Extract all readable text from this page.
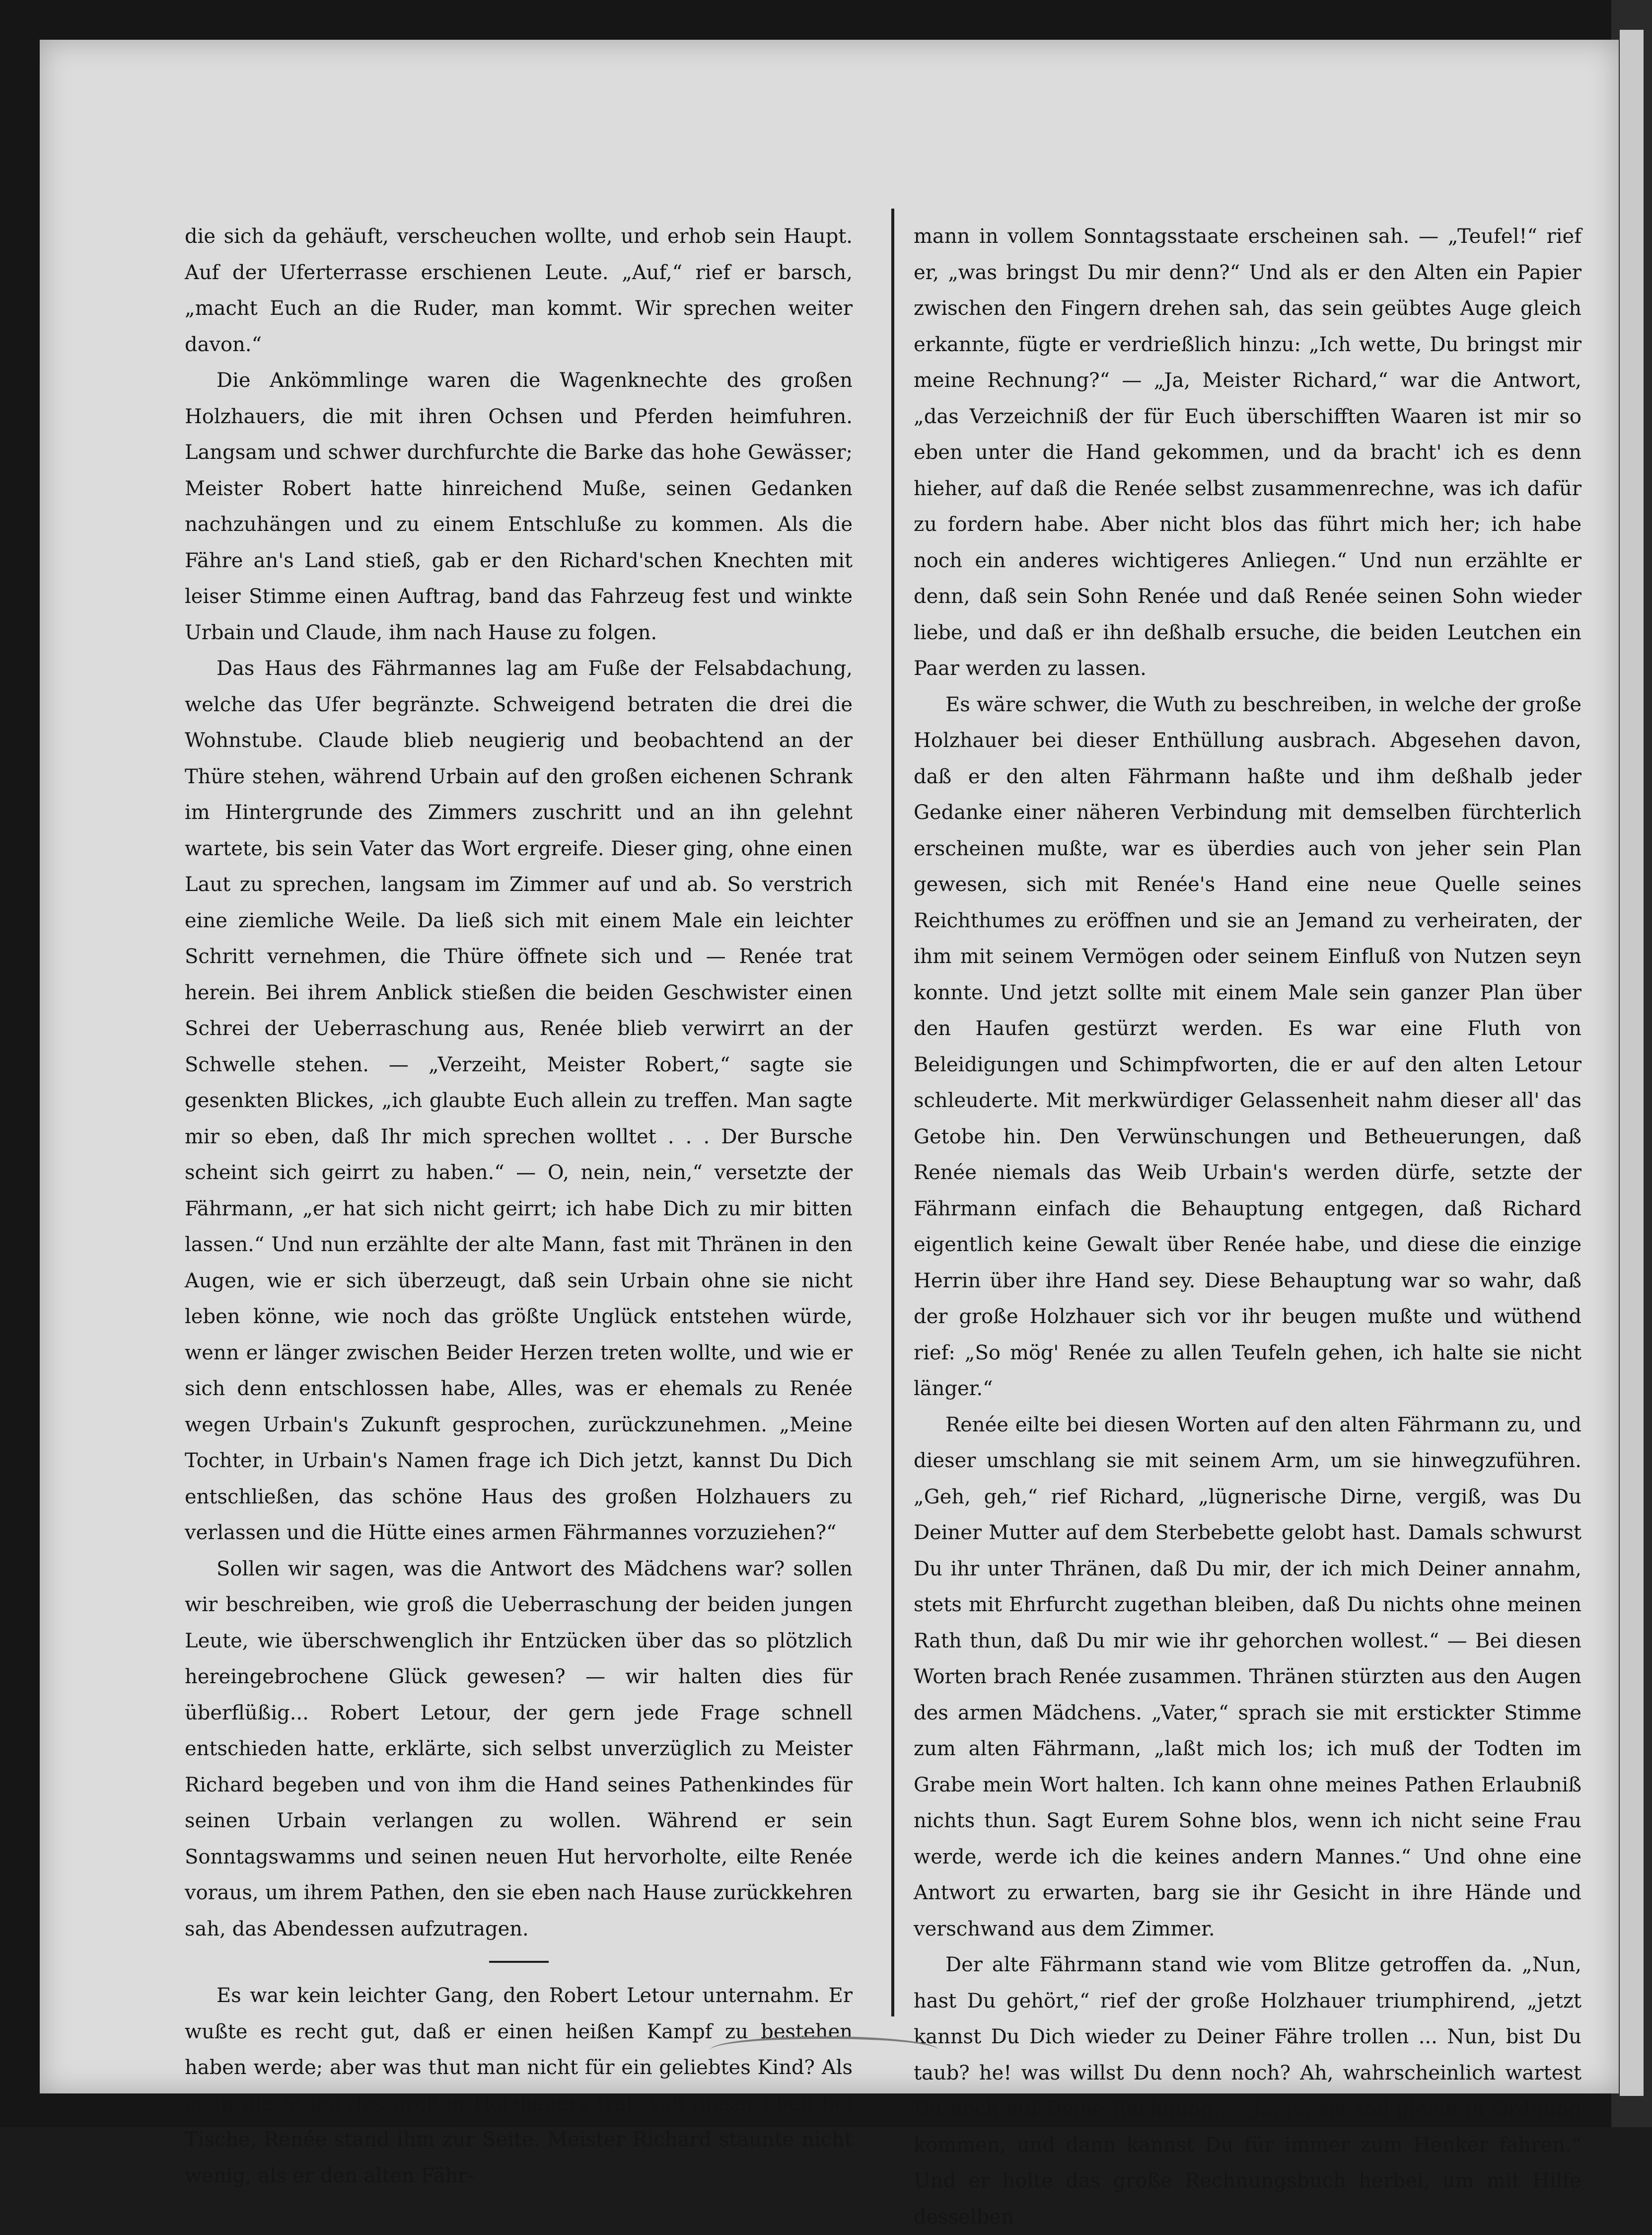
die sich da gehäuft, verscheuchen wollte, und erhob sein Haupt. Auf der Uferterrasse erschienen Leute. „Auf,“ rief er barsch, „macht Euch an die Ruder, man kommt. Wir sprechen weiter davon.“

Die Ankömmlinge waren die Wagenknechte des großen Holzhauers, die mit ihren Ochsen und Pferden heimfuhren. Langsam und schwer durchfurchte die Barke das hohe Gewässer; Meister Robert hatte hinreichend Muße, seinen Gedanken nachzuhängen und zu einem Entschluße zu kommen. Als die Fähre an's Land stieß, gab er den Richard'schen Knechten mit leiser Stimme einen Auftrag, band das Fahrzeug fest und winkte Urbain und Claude, ihm nach Hause zu folgen.

Das Haus des Fährmannes lag am Fuße der Felsabdachung, welche das Ufer begränzte. Schweigend betraten die drei die Wohnstube. Claude blieb neugierig und beobachtend an der Thüre stehen, während Urbain auf den großen eichenen Schrank im Hintergrunde des Zimmers zuschritt und an ihn gelehnt wartete, bis sein Vater das Wort ergreife. Dieser ging, ohne einen Laut zu sprechen, langsam im Zimmer auf und ab. So verstrich eine ziemliche Weile. Da ließ sich mit einem Male ein leichter Schritt vernehmen, die Thüre öffnete sich und — Renée trat herein. Bei ihrem Anblick stießen die beiden Geschwister einen Schrei der Ueberraschung aus, Renée blieb verwirrt an der Schwelle stehen. — „Verzeiht, Meister Robert,“ sagte sie gesenkten Blickes, „ich glaubte Euch allein zu treffen. Man sagte mir so eben, daß Ihr mich sprechen wolltet . . . Der Bursche scheint sich geirrt zu haben.“ — O, nein, nein,“ versetzte der Fährmann, „er hat sich nicht geirrt; ich habe Dich zu mir bitten lassen.“ Und nun erzählte der alte Mann, fast mit Thränen in den Augen, wie er sich überzeugt, daß sein Urbain ohne sie nicht leben könne, wie noch das größte Unglück entstehen würde, wenn er länger zwischen Beider Herzen treten wollte, und wie er sich denn entschlossen habe, Alles, was er ehemals zu Renée wegen Urbain's Zukunft gesprochen, zurückzunehmen. „Meine Tochter, in Urbain's Namen frage ich Dich jetzt, kannst Du Dich entschließen, das schöne Haus des großen Holzhauers zu verlassen und die Hütte eines armen Fährmannes vorzuziehen?“

Sollen wir sagen, was die Antwort des Mädchens war? sollen wir beschreiben, wie groß die Ueberraschung der beiden jungen Leute, wie überschwenglich ihr Entzücken über das so plötzlich hereingebrochene Glück gewesen? — wir halten dies für überflüßig... Robert Letour, der gern jede Frage schnell entschieden hatte, erklärte, sich selbst unverzüglich zu Meister Richard begeben und von ihm die Hand seines Pathenkindes für seinen Urbain verlangen zu wollen. Während er sein Sonntagswamms und seinen neuen Hut hervorholte, eilte Renée voraus, um ihrem Pathen, den sie eben nach Hause zurückkehren sah, das Abendessen aufzutragen.

Es war kein leichter Gang, den Robert Letour unternahm. Er wußte es recht gut, daß er einen heißen Kampf zu bestehen haben werde; aber was thut man nicht für ein geliebtes Kind? Als er in die Stube des großen Holzhauers trat, saß dieser eben bei Tische, Renée stand ihm zur Seite. Meister Richard staunte nicht wenig, als er den alten Fähr-

mann in vollem Sonntagsstaate erscheinen sah. — „Teufel!“ rief er, „was bringst Du mir denn?“ Und als er den Alten ein Papier zwischen den Fingern drehen sah, das sein geübtes Auge gleich erkannte, fügte er verdrießlich hinzu: „Ich wette, Du bringst mir meine Rechnung?“ — „Ja, Meister Richard,“ war die Antwort, „das Verzeichniß der für Euch überschifften Waaren ist mir so eben unter die Hand gekommen, und da bracht' ich es denn hieher, auf daß die Renée selbst zusammenrechne, was ich dafür zu fordern habe. Aber nicht blos das führt mich her; ich habe noch ein anderes wichtigeres Anliegen.“ Und nun erzählte er denn, daß sein Sohn Renée und daß Renée seinen Sohn wieder liebe, und daß er ihn deßhalb ersuche, die beiden Leutchen ein Paar werden zu lassen.

Es wäre schwer, die Wuth zu beschreiben, in welche der große Holzhauer bei dieser Enthüllung ausbrach. Abgesehen davon, daß er den alten Fährmann haßte und ihm deßhalb jeder Gedanke einer näheren Verbindung mit demselben fürchterlich erscheinen mußte, war es überdies auch von jeher sein Plan gewesen, sich mit Renée's Hand eine neue Quelle seines Reichthumes zu eröffnen und sie an Jemand zu verheiraten, der ihm mit seinem Vermögen oder seinem Einfluß von Nutzen seyn konnte. Und jetzt sollte mit einem Male sein ganzer Plan über den Haufen gestürzt werden. Es war eine Fluth von Beleidigungen und Schimpfworten, die er auf den alten Letour schleuderte. Mit merkwürdiger Gelassenheit nahm dieser all' das Getobe hin. Den Verwünschungen und Betheuerungen, daß Renée niemals das Weib Urbain's werden dürfe, setzte der Fährmann einfach die Behauptung entgegen, daß Richard eigentlich keine Gewalt über Renée habe, und diese die einzige Herrin über ihre Hand sey. Diese Behauptung war so wahr, daß der große Holzhauer sich vor ihr beugen mußte und wüthend rief: „So mög' Renée zu allen Teufeln gehen, ich halte sie nicht länger.“

Renée eilte bei diesen Worten auf den alten Fährmann zu, und dieser umschlang sie mit seinem Arm, um sie hinwegzuführen. „Geh, geh,“ rief Richard, „lügnerische Dirne, vergiß, was Du Deiner Mutter auf dem Sterbebette gelobt hast. Damals schwurst Du ihr unter Thränen, daß Du mir, der ich mich Deiner annahm, stets mit Ehrfurcht zugethan bleiben, daß Du nichts ohne meinen Rath thun, daß Du mir wie ihr gehorchen wollest.“ — Bei diesen Worten brach Renée zusammen. Thränen stürzten aus den Augen des armen Mädchens. „Vater,“ sprach sie mit erstickter Stimme zum alten Fährmann, „laßt mich los; ich muß der Todten im Grabe mein Wort halten. Ich kann ohne meines Pathen Erlaubniß nichts thun. Sagt Eurem Sohne blos, wenn ich nicht seine Frau werde, werde ich die keines andern Mannes.“ Und ohne eine Antwort zu erwarten, barg sie ihr Gesicht in ihre Hände und verschwand aus dem Zimmer.

Der alte Fährmann stand wie vom Blitze getroffen da. „Nun, hast Du gehört,“ rief der große Holzhauer triumphirend, „jetzt kannst Du Dich wieder zu Deiner Fähre trollen ... Nun, bist Du taub? he! was willst Du denn noch? Ah, wahrscheinlich wartest Du noch auf Deine Rechnung..... Ja, ja, sie soll gleich in Ordnung kommen, und dann kannst Du für immer zum Henker fahren.“ Und er holte das große Rechnungsbuch herbei, um mit Hilfe desselben
